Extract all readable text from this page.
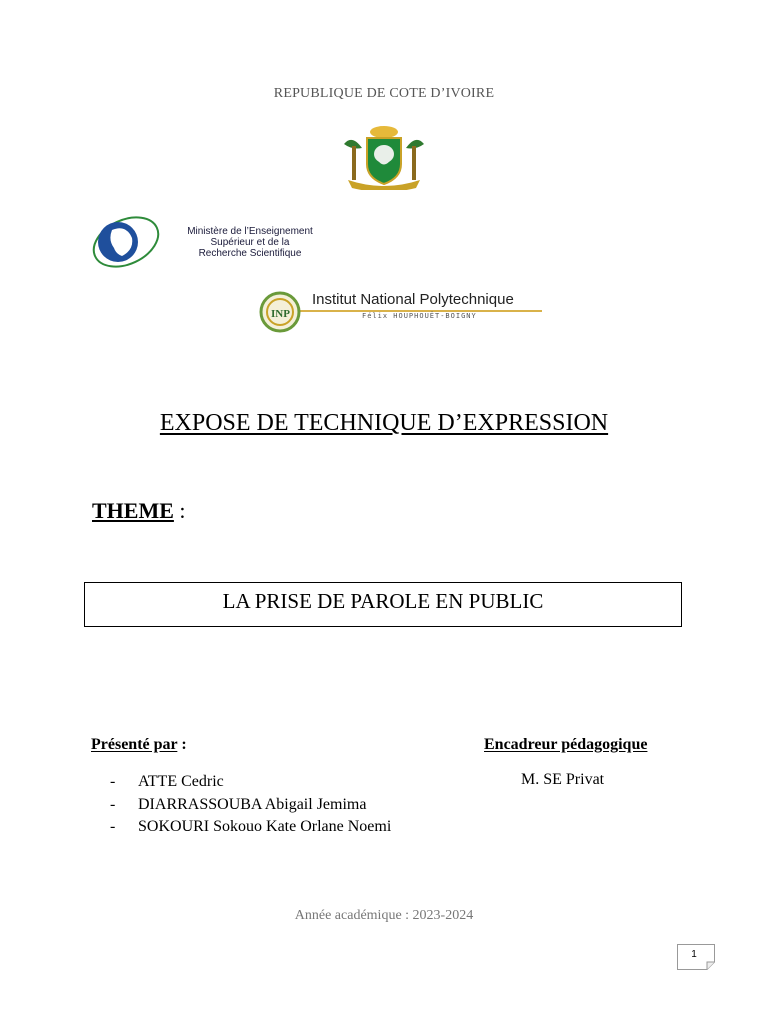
REPUBLIQUE DE COTE D’IVOIRE
Ministère de l’Enseignement
Supérieur et de la
Recherche Scientifique
INP
Institut National Polytechnique
Félix HOUPHOUËT-BOIGNY
EXPOSE DE TECHNIQUE D’EXPRESSION
THEME :
LA PRISE DE PAROLE EN PUBLIC
Présenté par :	Encadreur pédagogique
- ATTE Cedric
- DIARRASSOUBA Abigail Jemima
- SOKOURI Sokouo Kate Orlane Noemi
M. SE Privat
Année académique : 2023-2024
1
